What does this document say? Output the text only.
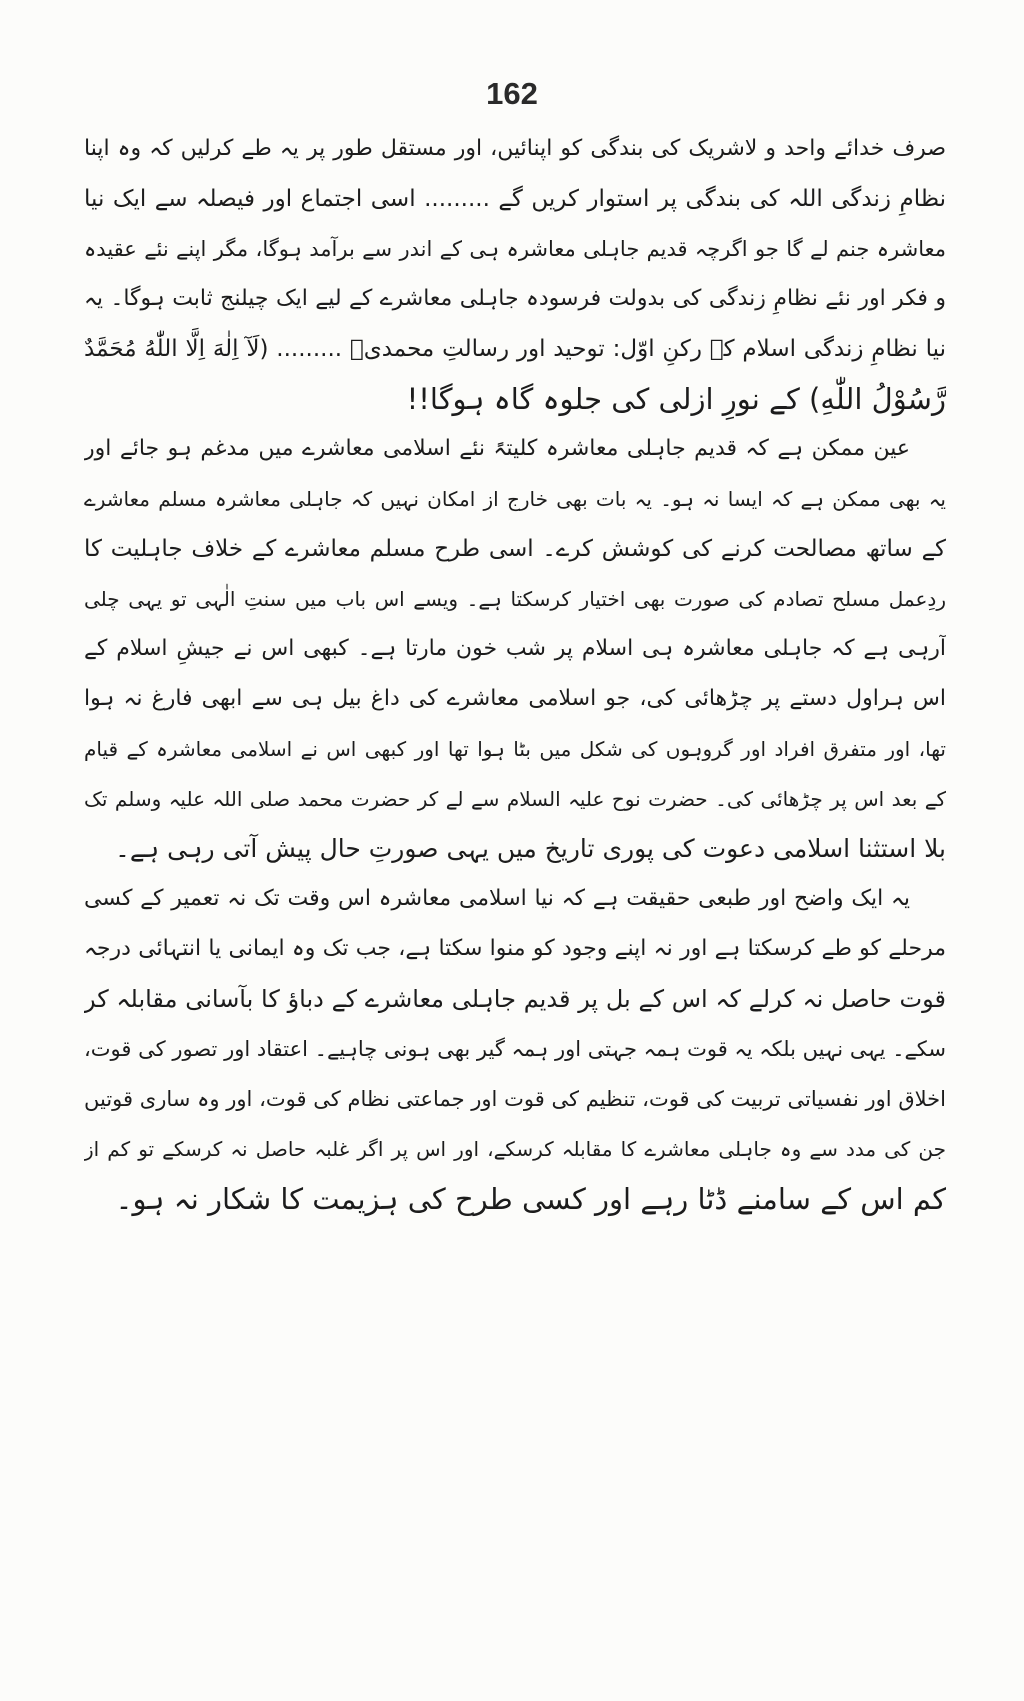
162
صرف خدائے واحد و لاشریک کی بندگی کو اپنائیں، اور مستقل طور پر یہ طے کرلیں کہ وہ اپنا
نظامِ زندگی اللہ کی بندگی پر استوار کریں گے ......... اسی اجتماع اور فیصلہ سے ایک نیا
معاشرہ جنم لے گا جو اگرچہ قدیم جاہلی معاشرہ ہی کے اندر سے برآمد ہوگا، مگر اپنے نئے عقیدہ
و فکر اور نئے نظامِ زندگی کی بدولت فرسودہ جاہلی معاشرے کے لیے ایک چیلنج ثابت ہوگا۔ یہ
نیا نظامِ زندگی اسلام کے رکنِ اوّل: توحید اور رسالتِ محمدیؐ ......... (لَآ اِلٰهَ اِلَّا اللّٰهُ مُحَمَّدٌ
رَّسُوْلُ اللّٰهِ) کے نورِ ازلی کی جلوہ گاہ ہوگا!!
عین ممکن ہے کہ قدیم جاہلی معاشرہ کلیتہً نئے اسلامی معاشرے میں مدغم ہو جائے اور
یہ بھی ممکن ہے کہ ایسا نہ ہو۔ یہ بات بھی خارج از امکان نہیں کہ جاہلی معاشرہ مسلم معاشرے
کے ساتھ مصالحت کرنے کی کوشش کرے۔ اسی طرح مسلم معاشرے کے خلاف جاہلیت کا
ردِعمل مسلح تصادم کی صورت بھی اختیار کرسکتا ہے۔ ویسے اس باب میں سنتِ الٰہی تو یہی چلی
آرہی ہے کہ جاہلی معاشرہ ہی اسلام پر شب خون مارتا ہے۔ کبھی اس نے جیشِ اسلام کے
اس ہراول دستے پر چڑھائی کی، جو اسلامی معاشرے کی داغ بیل ہی سے ابھی فارغ نہ ہوا
تھا، اور متفرق افراد اور گروہوں کی شکل میں بٹا ہوا تھا اور کبھی اس نے اسلامی معاشرہ کے قیام
کے بعد اس پر چڑھائی کی۔ حضرت نوح علیہ السلام سے لے کر حضرت محمد صلی اللہ علیہ وسلم تک
بلا استثنا اسلامی دعوت کی پوری تاریخ میں یہی صورتِ حال پیش آتی رہی ہے۔
یہ ایک واضح اور طبعی حقیقت ہے کہ نیا اسلامی معاشرہ اس وقت تک نہ تعمیر کے کسی
مرحلے کو طے کرسکتا ہے اور نہ اپنے وجود کو منوا سکتا ہے، جب تک وہ ایمانی یا انتہائی درجہ
قوت حاصل نہ کرلے کہ اس کے بل پر قدیم جاہلی معاشرے کے دباؤ کا بآسانی مقابلہ کر
سکے۔ یہی نہیں بلکہ یہ قوت ہمہ جہتی اور ہمہ گیر بھی ہونی چاہیے۔ اعتقاد اور تصور کی قوت،
اخلاق اور نفسیاتی تربیت کی قوت، تنظیم کی قوت اور جماعتی نظام کی قوت، اور وہ ساری قوتیں
جن کی مدد سے وہ جاہلی معاشرے کا مقابلہ کرسکے، اور اس پر اگر غلبہ حاصل نہ کرسکے تو کم از
کم اس کے سامنے ڈٹا رہے اور کسی طرح کی ہزیمت کا شکار نہ ہو۔
